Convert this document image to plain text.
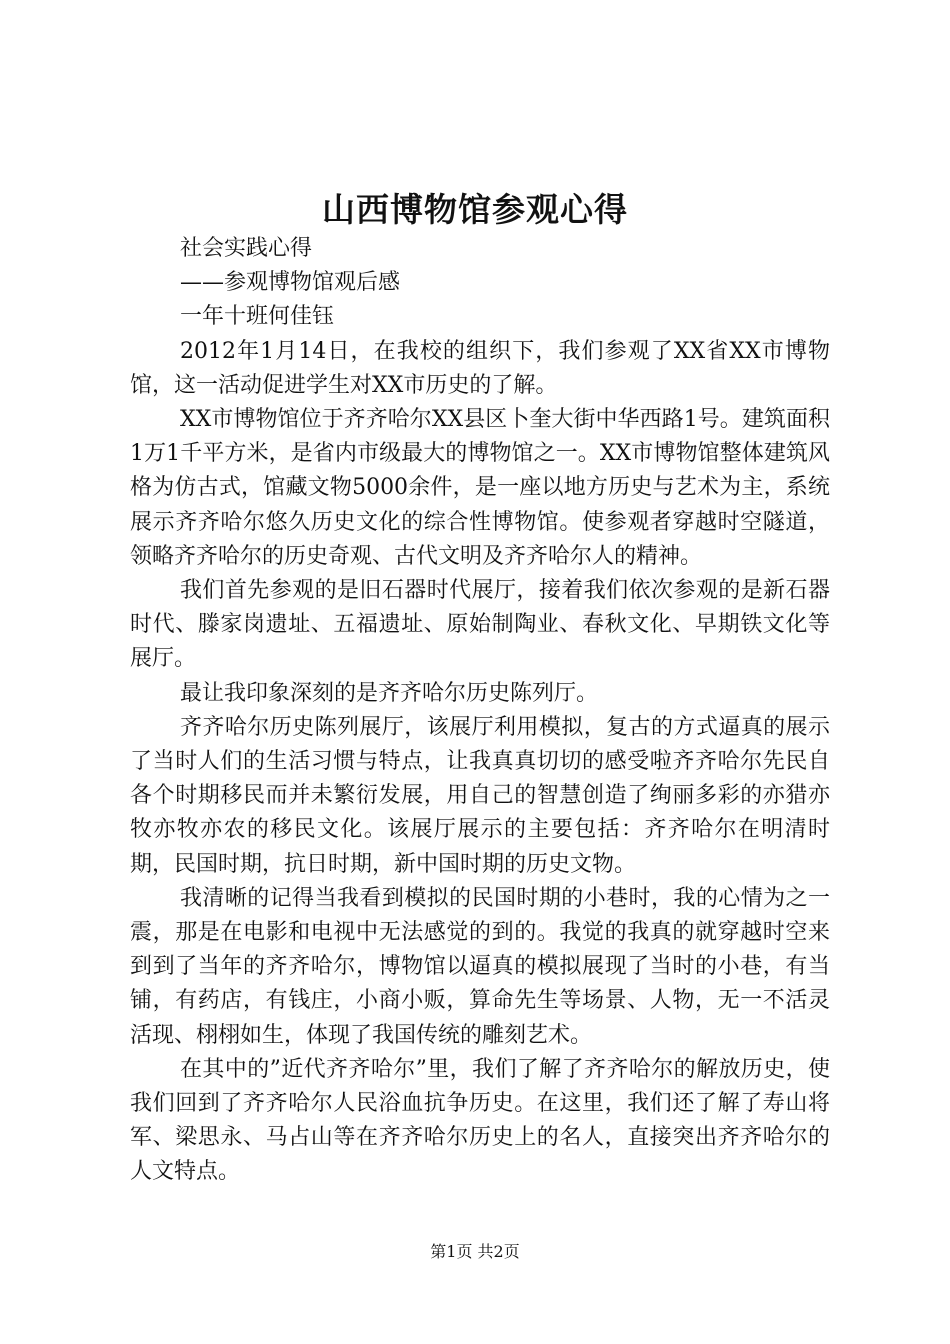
山西博物馆参观心得

社会实践心得

——参观博物馆观后感

一年十班何佳钰

2012年1月14日，在我校的组织下，我们参观了XX省XX市博物馆，这一活动促进学生对XX市历史的了解。

XX市博物馆位于齐齐哈尔XX县区卜奎大街中华西路1号。建筑面积1万1千平方米，是省内市级最大的博物馆之一。XX市博物馆整体建筑风格为仿古式，馆藏文物5000余件，是一座以地方历史与艺术为主，系统展示齐齐哈尔悠久历史文化的综合性博物馆。使参观者穿越时空隧道，领略齐齐哈尔的历史奇观、古代文明及齐齐哈尔人的精神。

我们首先参观的是旧石器时代展厅，接着我们依次参观的是新石器时代、滕家岗遗址、五福遗址、原始制陶业、春秋文化、早期铁文化等展厅。

最让我印象深刻的是齐齐哈尔历史陈列厅。

齐齐哈尔历史陈列展厅，该展厅利用模拟，复古的方式逼真的展示了当时人们的生活习惯与特点，让我真真切切的感受啦齐齐哈尔先民自各个时期移民而并未繁衍发展，用自己的智慧创造了绚丽多彩的亦猎亦牧亦牧亦农的移民文化。该展厅展示的主要包括：齐齐哈尔在明清时期，民国时期，抗日时期，新中国时期的历史文物。

我清晰的记得当我看到模拟的民国时期的小巷时，我的心情为之一震，那是在电影和电视中无法感觉的到的。我觉的我真的就穿越时空来到到了当年的齐齐哈尔，博物馆以逼真的模拟展现了当时的小巷，有当铺，有药店，有钱庄，小商小贩，算命先生等场景、人物，无一不活灵活现、栩栩如生，体现了我国传统的雕刻艺术。

在其中的”近代齐齐哈尔”里，我们了解了齐齐哈尔的解放历史，使我们回到了齐齐哈尔人民浴血抗争历史。在这里，我们还了解了寿山将军、梁思永、马占山等在齐齐哈尔历史上的名人，直接突出齐齐哈尔的人文特点。

第1页 共2页
